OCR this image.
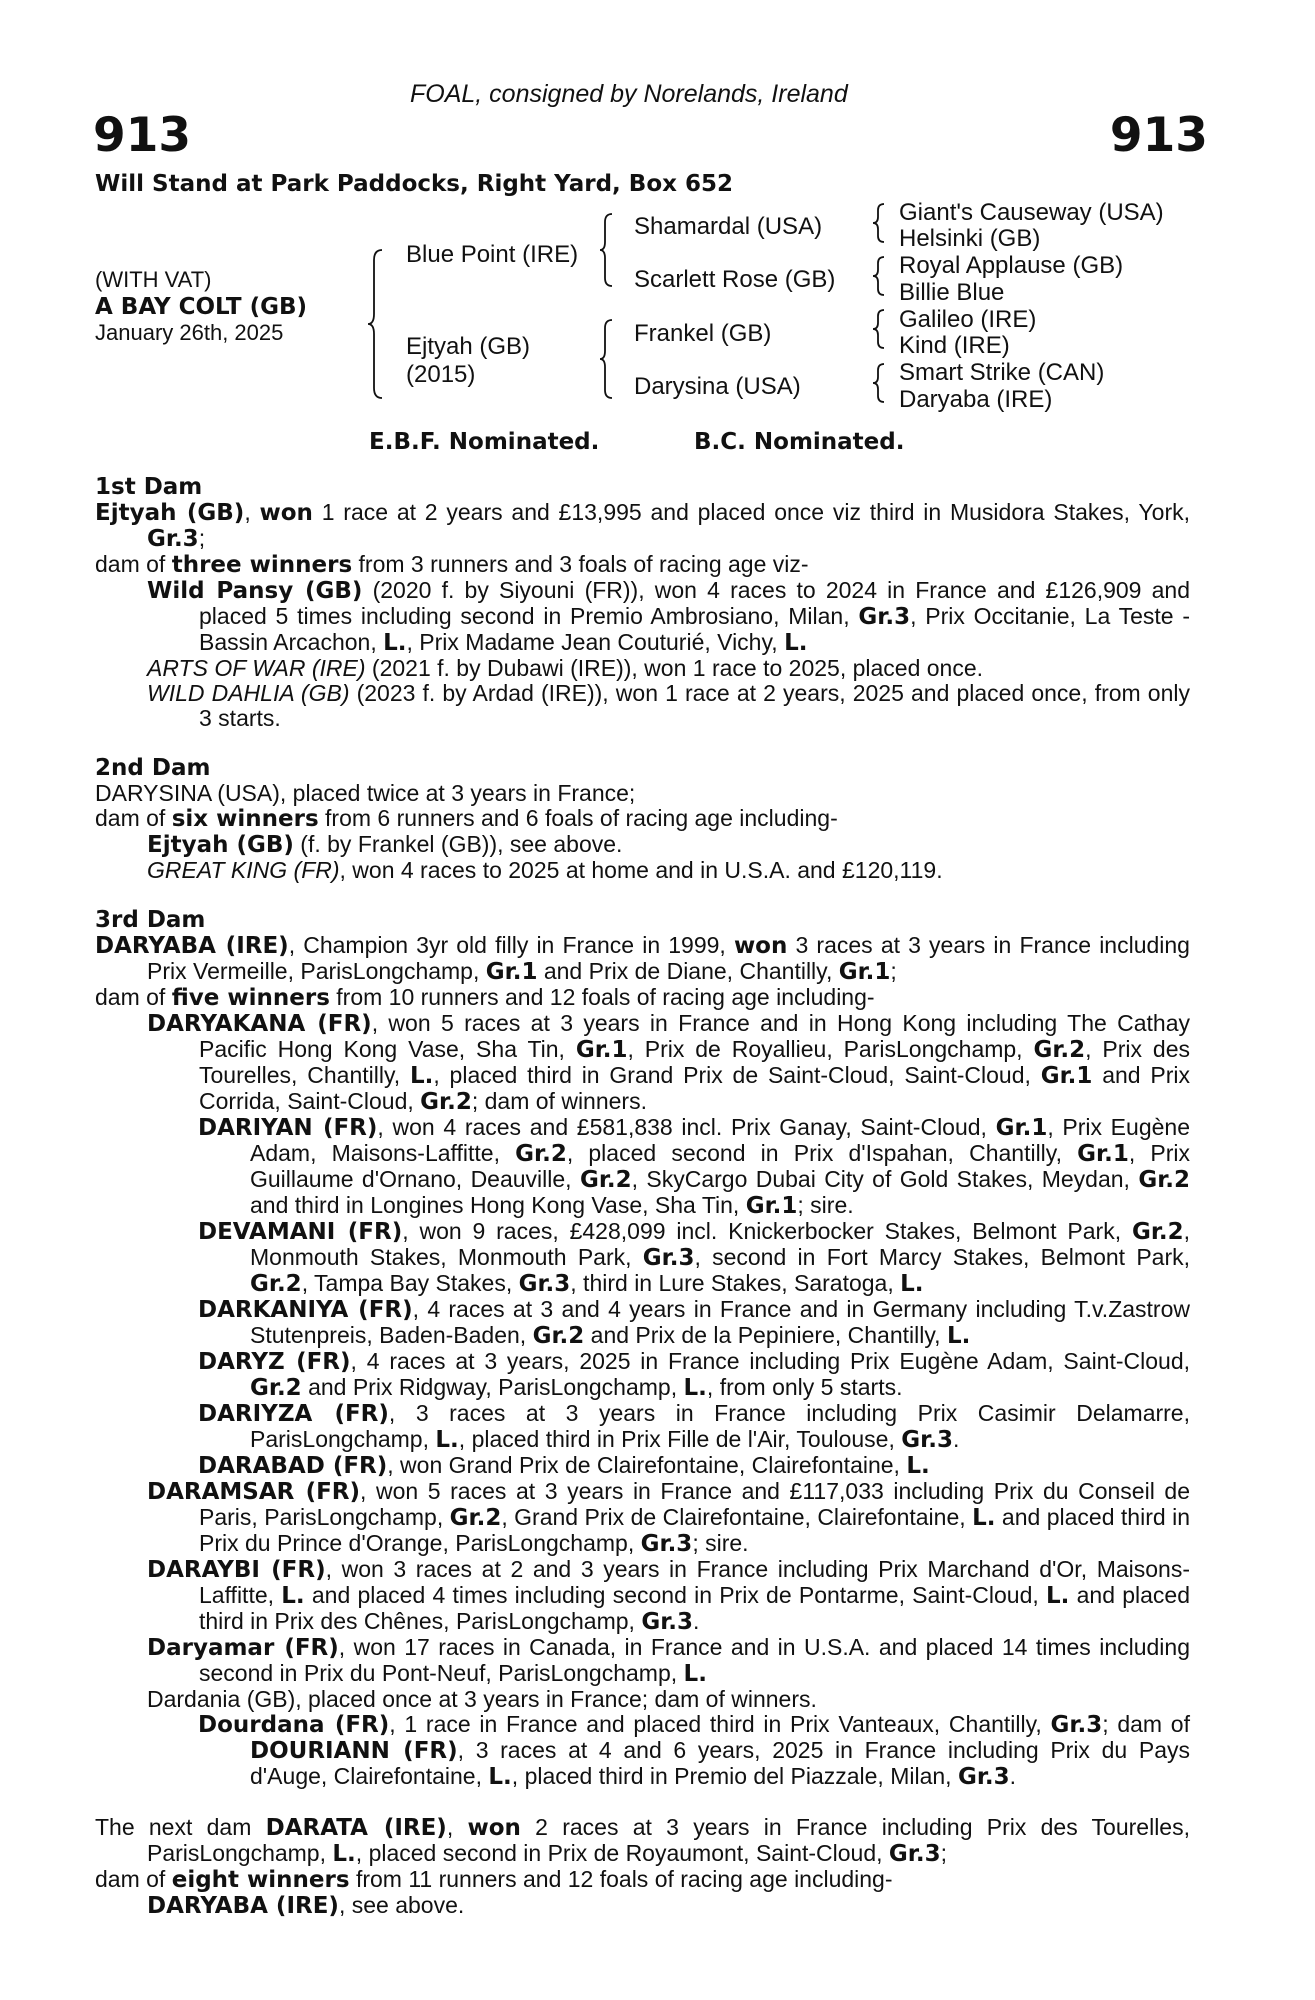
FOAL, consigned by Norelands, Ireland
913	913
Will Stand at Park Paddocks, Right Yard, Box 652
(WITH VAT)
A BAY COLT (GB)
January 26th, 2025
Blue Point (IRE)
Ejtyah (GB)
(2015)
Shamardal (USA)
Scarlett Rose (GB)
Frankel (GB)
Darysina (USA)
Giant's Causeway (USA)
Helsinki (GB)
Royal Applause (GB)
Billie Blue
Galileo (IRE)
Kind (IRE)
Smart Strike (CAN)
Daryaba (IRE)
E.B.F. Nominated.	B.C. Nominated.
1st Dam
Ejtyah (GB), won 1 race at 2 years and £13,995 and placed once viz third in Musidora Stakes, York, Gr.3;
dam of three winners from 3 runners and 3 foals of racing age viz-
Wild Pansy (GB) (2020 f. by Siyouni (FR)), won 4 races to 2024 in France and £126,909 and placed 5 times including second in Premio Ambrosiano, Milan, Gr.3, Prix Occitanie, La Teste - Bassin Arcachon, L., Prix Madame Jean Couturié, Vichy, L.
ARTS OF WAR (IRE) (2021 f. by Dubawi (IRE)), won 1 race to 2025, placed once.
WILD DAHLIA (GB) (2023 f. by Ardad (IRE)), won 1 race at 2 years, 2025 and placed once, from only 3 starts.
2nd Dam
DARYSINA (USA), placed twice at 3 years in France;
dam of six winners from 6 runners and 6 foals of racing age including-
Ejtyah (GB) (f. by Frankel (GB)), see above.
GREAT KING (FR), won 4 races to 2025 at home and in U.S.A. and £120,119.
3rd Dam
DARYABA (IRE), Champion 3yr old filly in France in 1999, won 3 races at 3 years in France including Prix Vermeille, ParisLongchamp, Gr.1 and Prix de Diane, Chantilly, Gr.1;
dam of five winners from 10 runners and 12 foals of racing age including-
DARYAKANA (FR), won 5 races at 3 years in France and in Hong Kong including The Cathay Pacific Hong Kong Vase, Sha Tin, Gr.1, Prix de Royallieu, ParisLongchamp, Gr.2, Prix des Tourelles, Chantilly, L., placed third in Grand Prix de Saint-Cloud, Saint-Cloud, Gr.1 and Prix Corrida, Saint-Cloud, Gr.2; dam of winners.
DARIYAN (FR), won 4 races and £581,838 incl. Prix Ganay, Saint-Cloud, Gr.1, Prix Eugène Adam, Maisons-Laffitte, Gr.2, placed second in Prix d'Ispahan, Chantilly, Gr.1, Prix Guillaume d'Ornano, Deauville, Gr.2, SkyCargo Dubai City of Gold Stakes, Meydan, Gr.2 and third in Longines Hong Kong Vase, Sha Tin, Gr.1; sire.
DEVAMANI (FR), won 9 races, £428,099 incl. Knickerbocker Stakes, Belmont Park, Gr.2, Monmouth Stakes, Monmouth Park, Gr.3, second in Fort Marcy Stakes, Belmont Park, Gr.2, Tampa Bay Stakes, Gr.3, third in Lure Stakes, Saratoga, L.
DARKANIYA (FR), 4 races at 3 and 4 years in France and in Germany including T.v.Zastrow Stutenpreis, Baden-Baden, Gr.2 and Prix de la Pepiniere, Chantilly, L.
DARYZ (FR), 4 races at 3 years, 2025 in France including Prix Eugène Adam, Saint-Cloud, Gr.2 and Prix Ridgway, ParisLongchamp, L., from only 5 starts.
DARIYZA (FR), 3 races at 3 years in France including Prix Casimir Delamarre, ParisLongchamp, L., placed third in Prix Fille de l'Air, Toulouse, Gr.3.
DARABAD (FR), won Grand Prix de Clairefontaine, Clairefontaine, L.
DARAMSAR (FR), won 5 races at 3 years in France and £117,033 including Prix du Conseil de Paris, ParisLongchamp, Gr.2, Grand Prix de Clairefontaine, Clairefontaine, L. and placed third in Prix du Prince d'Orange, ParisLongchamp, Gr.3; sire.
DARAYBI (FR), won 3 races at 2 and 3 years in France including Prix Marchand d'Or, Maisons-Laffitte, L. and placed 4 times including second in Prix de Pontarme, Saint-Cloud, L. and placed third in Prix des Chênes, ParisLongchamp, Gr.3.
Daryamar (FR), won 17 races in Canada, in France and in U.S.A. and placed 14 times including second in Prix du Pont-Neuf, ParisLongchamp, L.
Dardania (GB), placed once at 3 years in France; dam of winners.
Dourdana (FR), 1 race in France and placed third in Prix Vanteaux, Chantilly, Gr.3; dam of DOURIANN (FR), 3 races at 4 and 6 years, 2025 in France including Prix du Pays d'Auge, Clairefontaine, L., placed third in Premio del Piazzale, Milan, Gr.3.
The next dam DARATA (IRE), won 2 races at 3 years in France including Prix des Tourelles, ParisLongchamp, L., placed second in Prix de Royaumont, Saint-Cloud, Gr.3;
dam of eight winners from 11 runners and 12 foals of racing age including-
DARYABA (IRE), see above.
